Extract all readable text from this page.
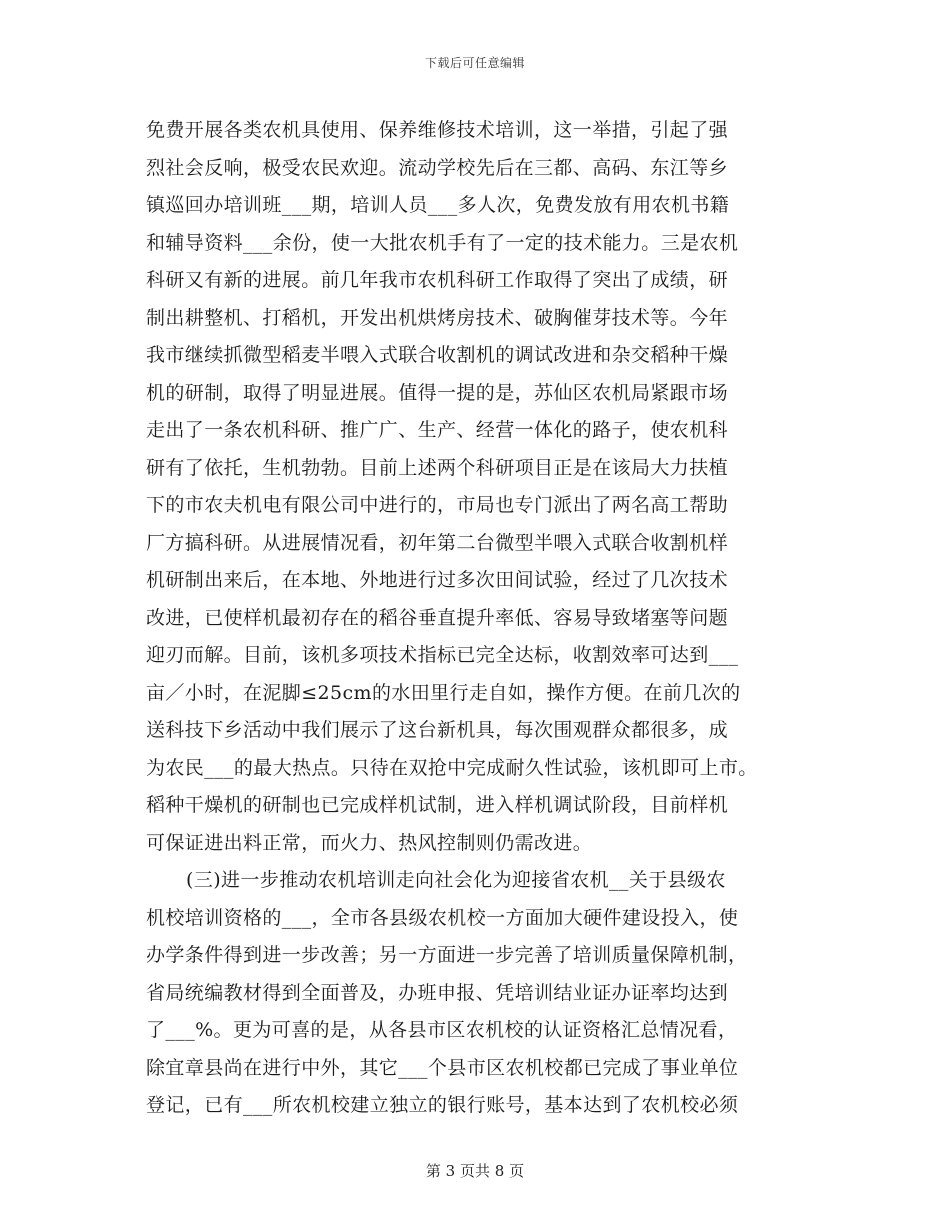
下载后可任意编辑
免费开展各类农机具使用、保养维修技术培训，这一举措，引起了强
烈社会反响，极受农民欢迎。流动学校先后在三都、高码、东江等乡
镇巡回办培训班___期，培训人员___多人次，免费发放有用农机书籍
和辅导资料___余份，使一大批农机手有了一定的技术能力。三是农机
科研又有新的进展。前几年我市农机科研工作取得了突出了成绩，研
制出耕整机、打稻机，开发出机烘烤房技术、破胸催芽技术等。今年
我市继续抓微型稻麦半喂入式联合收割机的调试改进和杂交稻种干燥
机的研制，取得了明显进展。值得一提的是，苏仙区农机局紧跟市场
走出了一条农机科研、推广广、生产、经营一体化的路子，使农机科
研有了依托，生机勃勃。目前上述两个科研项目正是在该局大力扶植
下的市农夫机电有限公司中进行的，市局也专门派出了两名高工帮助
厂方搞科研。从进展情况看，初年第二台微型半喂入式联合收割机样
机研制出来后，在本地、外地进行过多次田间试验，经过了几次技术
改进，已使样机最初存在的稻谷垂直提升率低、容易导致堵塞等问题
迎刃而解。目前，该机多项技术指标已完全达标，收割效率可达到___
亩／小时，在泥脚≤25cm的水田里行走自如，操作方便。在前几次的
送科技下乡活动中我们展示了这台新机具，每次围观群众都很多，成
为农民___的最大热点。只待在双抢中完成耐久性试验，该机即可上市。
稻种干燥机的研制也已完成样机试制，进入样机调试阶段，目前样机
可保证进出料正常，而火力、热风控制则仍需改进。
(三)进一步推动农机培训走向社会化为迎接省农机__关于县级农
机校培训资格的___，全市各县级农机校一方面加大硬件建设投入，使
办学条件得到进一步改善；另一方面进一步完善了培训质量保障机制，
省局统编教材得到全面普及，办班申报、凭培训结业证办证率均达到
了___%。更为可喜的是，从各县市区农机校的认证资格汇总情况看，
除宜章县尚在进行中外，其它___个县市区农机校都已完成了事业单位
登记，已有___所农机校建立独立的银行账号，基本达到了农机校必须
第 3 页共 8 页
